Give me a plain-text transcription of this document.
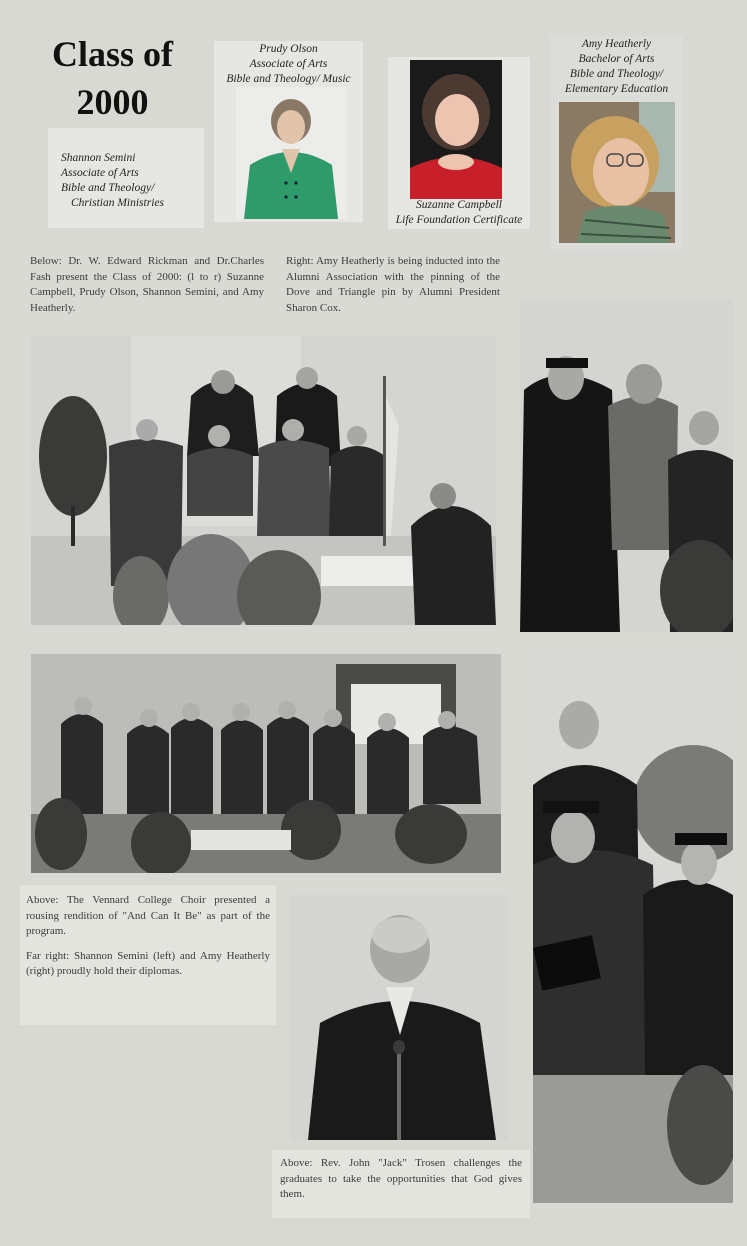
Class of 2000
Shannon Semini
Associate of Arts
Bible and Theology/
Christian Ministries
Prudy Olson
Associate of Arts
Bible and Theology/ Music
Suzanne Campbell
Life Foundation Certificate
Amy Heatherly
Bachelor of Arts
Bible and Theology/
Elementary Education
Below: Dr. W. Edward Rickman and Dr.Charles Fash present the Class of 2000: (l to r) Suzanne Campbell, Prudy Olson, Shannon Semini, and Amy Heatherly.
Right: Amy Heatherly is being inducted into the Alumni Association with the pinning of the Dove and Triangle pin by Alumni President Sharon Cox.

Above: The Vennard College Choir presented a rousing rendition of "And Can It Be" as part of the program.

Far right: Shannon Semini (left) and Amy Heatherly (right) proudly hold their diplomas.

Above: Rev. John "Jack" Trosen challenges the graduates to take the opportunities that God gives them.
